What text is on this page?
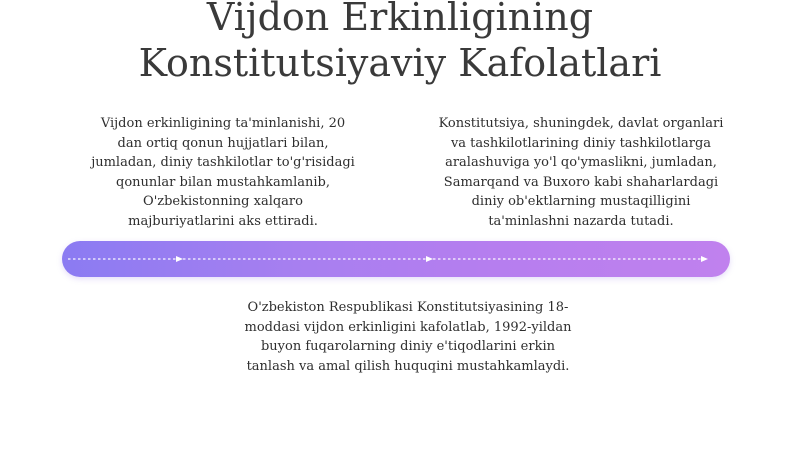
Vijdon Erkinligining
Konstitutsiyaviy Kafolatlari

Vijdon erkinligining ta'minlanishi, 20
dan ortiq qonun hujjatlari bilan,
jumladan, diniy tashkilotlar to'g'risidagi
qonunlar bilan mustahkamlanib,
O'zbekistonning xalqaro
majburiyatlarini aks ettiradi.

Konstitutsiya, shuningdek, davlat organlari
va tashkilotlarining diniy tashkilotlarga
aralashuviga yo'l qo'ymaslikni, jumladan,
Samarqand va Buxoro kabi shaharlardagi
diniy ob'ektlarning mustaqilligini
ta'minlashni nazarda tutadi.

O'zbekiston Respublikasi Konstitutsiyasining 18-
moddasi vijdon erkinligini kafolatlab, 1992-yildan
buyon fuqarolarning diniy e'tiqodlarini erkin
tanlash va amal qilish huquqini mustahkamlaydi.
